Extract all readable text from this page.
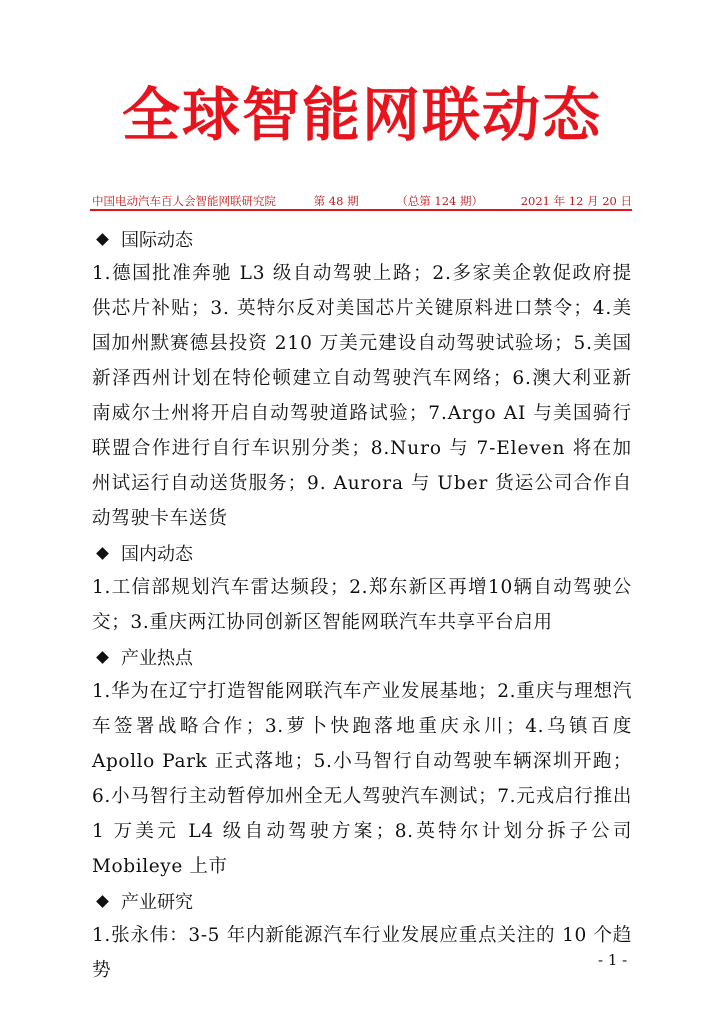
全球智能网联动态
中国电动汽车百人会智能网联研究院	第 48 期	（总第 124 期）	2021 年 12 月 20 日
国际动态

1.德国批准奔驰 L3 级自动驾驶上路；2.多家美企敦促政府提供芯片补贴；3. 英特尔反对美国芯片关键原料进口禁令；4.美国加州默赛德县投资 210 万美元建设自动驾驶试验场；5.美国新泽西州计划在特伦顿建立自动驾驶汽车网络；6.澳大利亚新南威尔士州将开启自动驾驶道路试验；7.Argo AI 与美国骑行联盟合作进行自行车识别分类；8.Nuro 与 7-Eleven 将在加州试运行自动送货服务；9. Aurora 与 Uber 货运公司合作自动驾驶卡车送货

国内动态

1.工信部规划汽车雷达频段；2.郑东新区再增10辆自动驾驶公交；3.重庆两江协同创新区智能网联汽车共享平台启用

产业热点

1.华为在辽宁打造智能网联汽车产业发展基地；2.重庆与理想汽车签署战略合作；3.萝卜快跑落地重庆永川；4.乌镇百度 Apollo Park 正式落地；5.小马智行自动驾驶车辆深圳开跑；6.小马智行主动暂停加州全无人驾驶汽车测试；7.元戎启行推出 1 万美元 L4 级自动驾驶方案；8.英特尔计划分拆子公司 Mobileye 上市

产业研究

1.张永伟：3-5 年内新能源汽车行业发展应重点关注的 10 个趋势	- 1 -
